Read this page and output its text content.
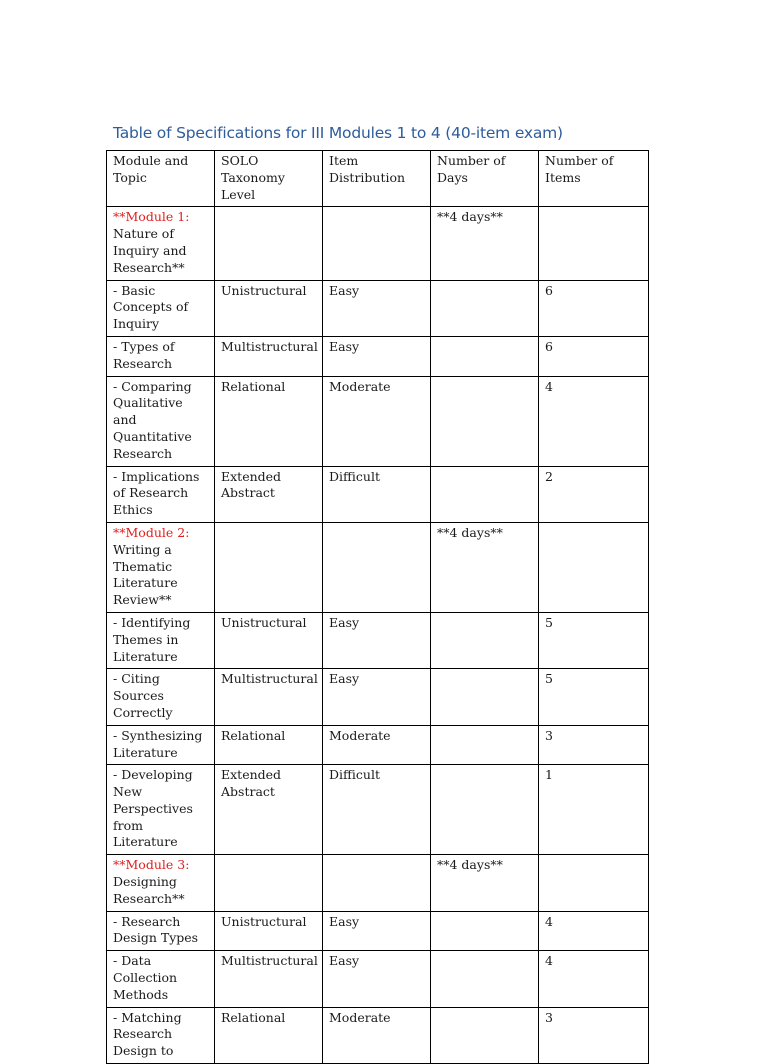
Table of Specifications for III Modules 1 to 4 (40-item exam)
Module and Topic	SOLO Taxonomy Level	Item Distribution	Number of Days	Number of Items
**Module 1: Nature of Inquiry and Research**			**4 days**	
- Basic Concepts of Inquiry	Unistructural	Easy		6
- Types of Research	Multistructural	Easy		6
- Comparing Qualitative and Quantitative Research	Relational	Moderate		4
- Implications of Research Ethics	Extended Abstract	Difficult		2
**Module 2: Writing a Thematic Literature Review**			**4 days**	
- Identifying Themes in Literature	Unistructural	Easy		5
- Citing Sources Correctly	Multistructural	Easy		5
- Synthesizing Literature	Relational	Moderate		3
- Developing New Perspectives from Literature	Extended Abstract	Difficult		1
**Module 3: Designing Research**			**4 days**	
- Research Design Types	Unistructural	Easy		4
- Data Collection Methods	Multistructural	Easy		4
- Matching Research Design to	Relational	Moderate		3
